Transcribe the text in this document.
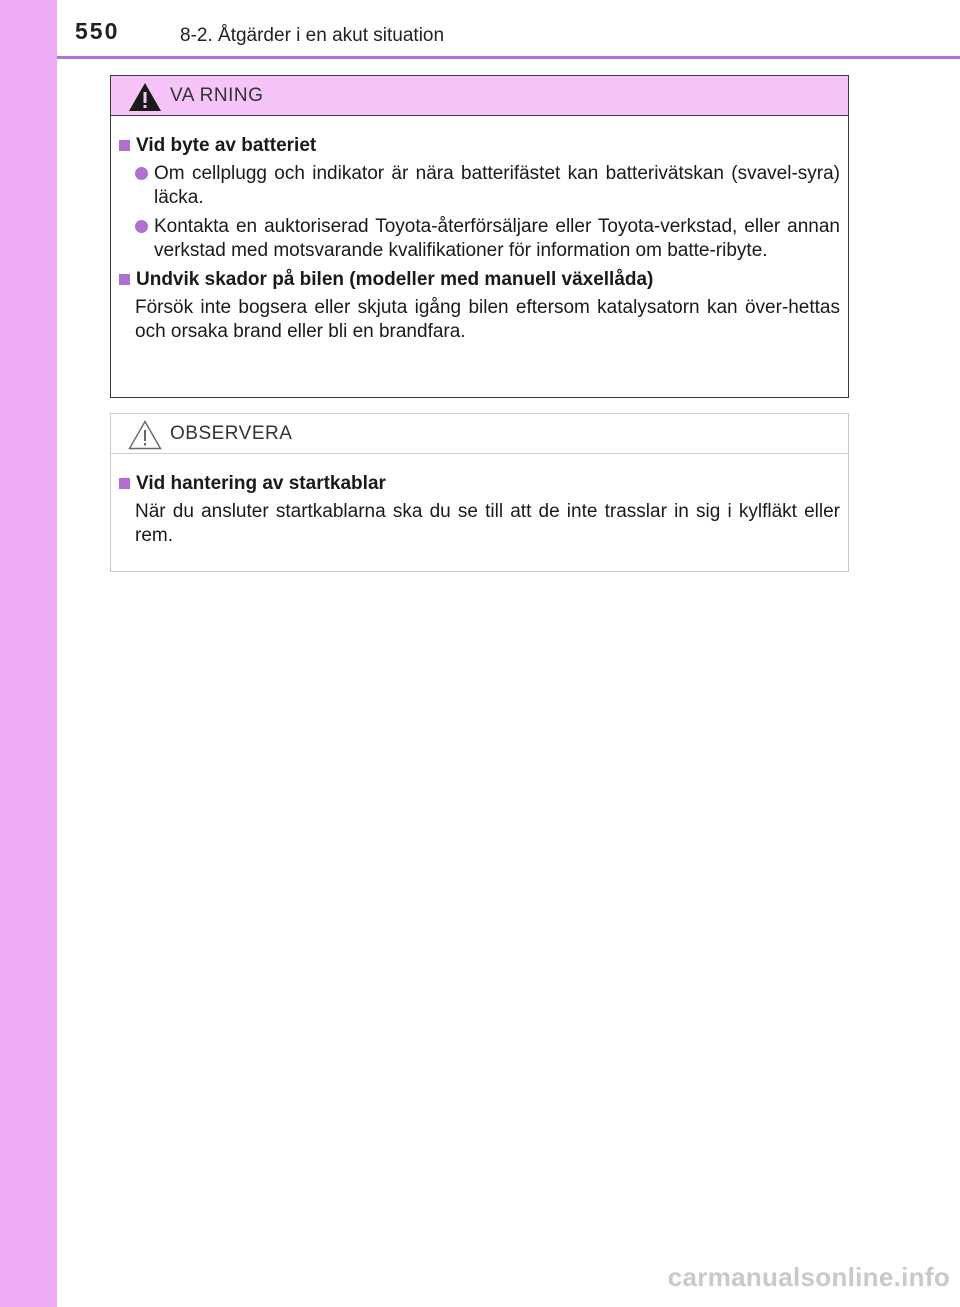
550	8-2. Åtgärder i en akut situation
VA RNING
Vid byte av batteriet
Om cellplugg och indikator är nära batterifästet kan batterivätskan (svavel-syra) läcka.
Kontakta en auktoriserad Toyota-återförsäljare eller Toyota-verkstad, eller annan verkstad med motsvarande kvalifikationer för information om batte-ribyte.
Undvik skador på bilen (modeller med manuell växellåda)
Försök inte bogsera eller skjuta igång bilen eftersom katalysatorn kan över-hettas och orsaka brand eller bli en brandfara.
OBSERVERA
Vid hantering av startkablar
När du ansluter startkablarna ska du se till att de inte trasslar in sig i kylfläkt eller rem.
carmanualsonline.info
